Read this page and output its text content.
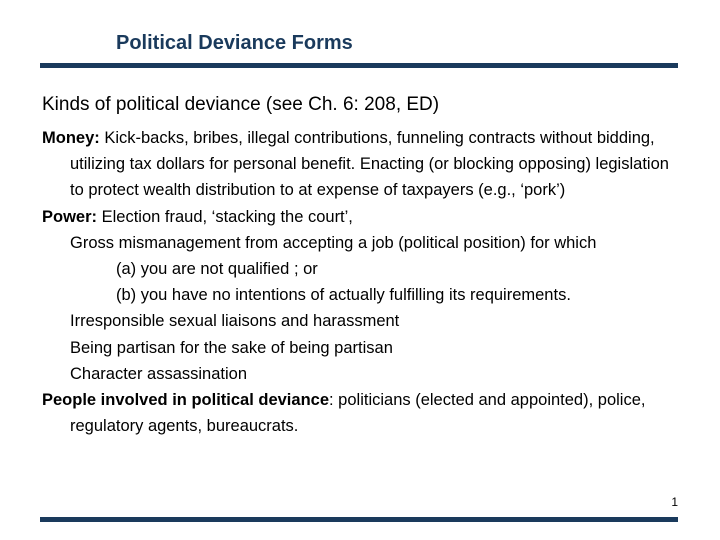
Political Deviance Forms
Kinds of political deviance (see Ch. 6: 208, ED)

Money: Kick-backs, bribes, illegal contributions, funneling contracts without bidding, utilizing tax dollars for personal benefit. Enacting (or blocking opposing) legislation to protect wealth distribution to at expense of taxpayers (e.g., ‘pork’)

Power: Election fraud, ‘stacking the court’,

Gross mismanagement from accepting a job (political position) for which

(a) you are not qualified ; or

(b) you have no intentions of actually fulfilling its requirements.

Irresponsible sexual liaisons and harassment

Being partisan for the sake of being partisan

Character assassination

People involved in political deviance: politicians (elected and appointed), police, regulatory agents, bureaucrats.

1
